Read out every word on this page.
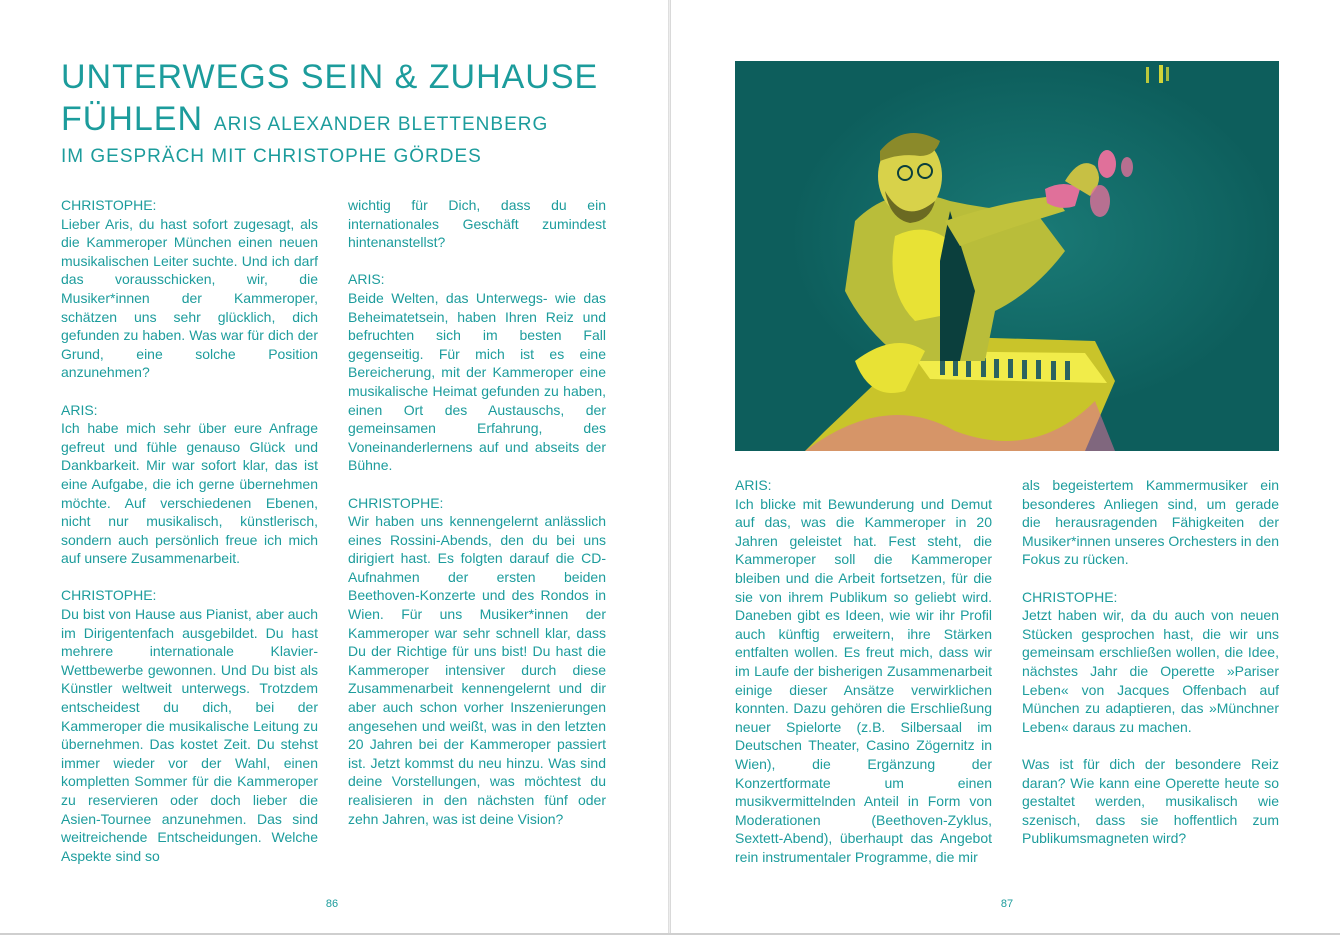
UNTERWEGS SEIN & ZUHAUSE
FÜHLEN ARIS ALEXANDER BLETTENBERG
IM GESPRÄCH MIT CHRISTOPHE GÖRDES

CHRISTOPHE:
Lieber Aris, du hast sofort zugesagt, als die Kammeroper München einen neuen musikalischen Leiter suchte. Und ich darf das vorausschicken, wir, die Musiker*innen der Kammeroper, schätzen uns sehr glücklich, dich gefunden zu haben. Was war für dich der Grund, eine solche Position anzunehmen?

ARIS:
Ich habe mich sehr über eure Anfrage gefreut und fühle genauso Glück und Dankbarkeit. Mir war sofort klar, das ist eine Aufgabe, die ich gerne übernehmen möchte. Auf verschiedenen Ebenen, nicht nur musikalisch, künstlerisch, sondern auch persönlich freue ich mich auf unsere Zusammenarbeit.

CHRISTOPHE:
Du bist von Hause aus Pianist, aber auch im Dirigentenfach ausgebildet. Du hast mehrere internationale Klavier-Wettbewerbe gewonnen. Und Du bist als Künstler weltweit unterwegs. Trotzdem entscheidest du dich, bei der Kammeroper die musikalische Leitung zu übernehmen. Das kostet Zeit. Du stehst immer wieder vor der Wahl, einen kompletten Sommer für die Kammeroper zu reservieren oder doch lieber die Asien-Tournee anzunehmen. Das sind weitreichende Entscheidungen. Welche Aspekte sind so

wichtig für Dich, dass du ein internationales Geschäft zumindest hintenanstellst?

ARIS:
Beide Welten, das Unterwegs- wie das Beheimatetsein, haben Ihren Reiz und befruchten sich im besten Fall gegenseitig. Für mich ist es eine Bereicherung, mit der Kammeroper eine musikalische Heimat gefunden zu haben, einen Ort des Austauschs, der gemeinsamen Erfahrung, des Voneinanderlernens auf und abseits der Bühne.

CHRISTOPHE:
Wir haben uns kennengelernt anlässlich eines Rossini-Abends, den du bei uns dirigiert hast. Es folgten darauf die CD-Aufnahmen der ersten beiden Beethoven-Konzerte und des Rondos in Wien. Für uns Musiker*innen der Kammeroper war sehr schnell klar, dass Du der Richtige für uns bist! Du hast die Kammeroper intensiver durch diese Zusammenarbeit kennengelernt und dir aber auch schon vorher Inszenierungen angesehen und weißt, was in den letzten 20 Jahren bei der Kammeroper passiert ist. Jetzt kommst du neu hinzu. Was sind deine Vorstellungen, was möchtest du realisieren in den nächsten fünf oder zehn Jahren, was ist deine Vision?

86

ARIS:
Ich blicke mit Bewunderung und Demut auf das, was die Kammeroper in 20 Jahren geleistet hat. Fest steht, die Kammeroper soll die Kammeroper bleiben und die Arbeit fortsetzen, für die sie von ihrem Publikum so geliebt wird. Daneben gibt es Ideen, wie wir ihr Profil auch künftig erweitern, ihre Stärken entfalten wollen. Es freut mich, dass wir im Laufe der bisherigen Zusammenarbeit einige dieser Ansätze verwirklichen konnten. Dazu gehören die Erschließung neuer Spielorte (z.B. Silbersaal im Deutschen Theater, Casino Zögernitz in Wien), die Ergänzung der Konzertformate um einen musikvermittelnden Anteil in Form von Moderationen (Beethoven-Zyklus, Sextett-Abend), überhaupt das Angebot rein instrumentaler Programme, die mir

als begeistertem Kammermusiker ein besonderes Anliegen sind, um gerade die herausragenden Fähigkeiten der Musiker*innen unseres Orchesters in den Fokus zu rücken.

CHRISTOPHE:
Jetzt haben wir, da du auch von neuen Stücken gesprochen hast, die wir uns gemeinsam erschließen wollen, die Idee, nächstes Jahr die Operette »Pariser Leben« von Jacques Offenbach auf München zu adaptieren, das »Münchner Leben« daraus zu machen.

Was ist für dich der besondere Reiz daran? Wie kann eine Operette heute so gestaltet werden, musikalisch wie szenisch, dass sie hoffentlich zum Publikumsmagneten wird?

87
